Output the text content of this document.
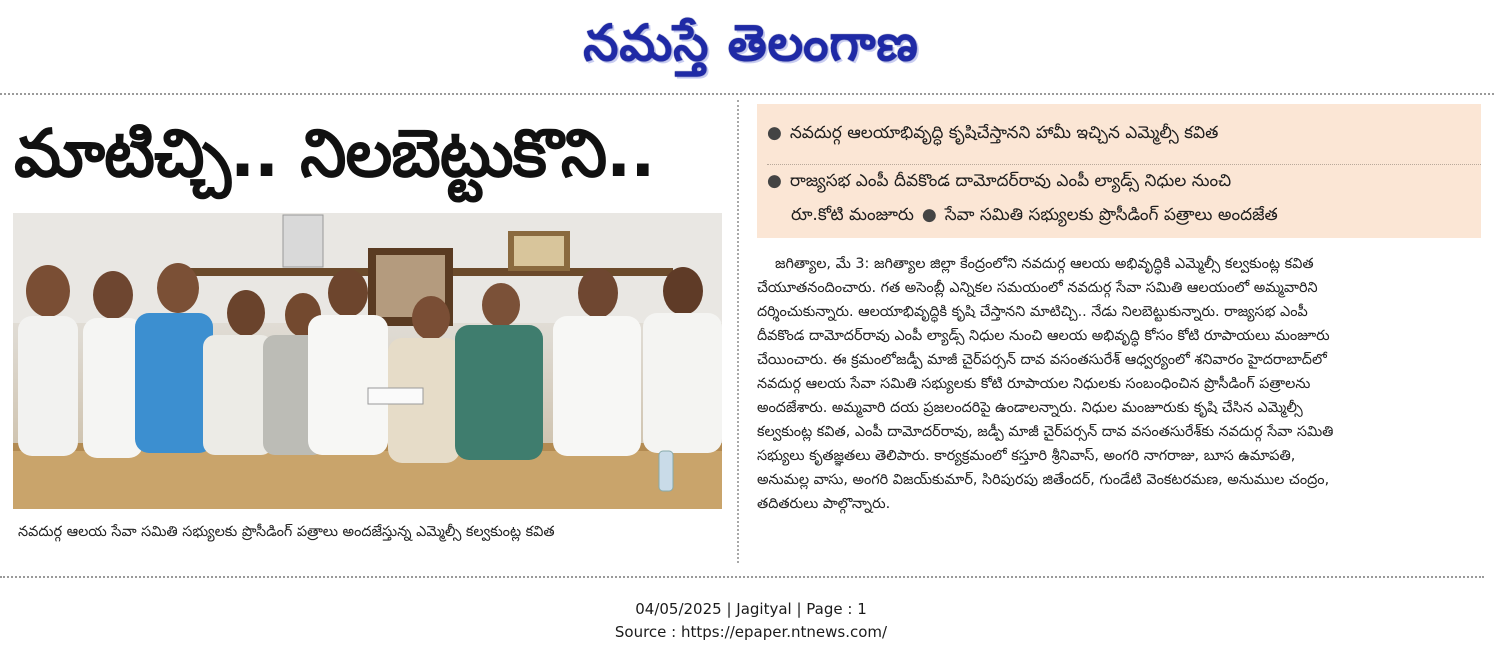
నమస్తే తెలంగాణ
మాటిచ్చి.. నిలబెట్టుకొని..
నవదుర్గ ఆలయ సేవా సమితి సభ్యులకు ప్రొసీడింగ్ పత్రాలు అందజేస్తున్న ఎమ్మెల్సీ కల్వకుంట్ల కవిత
● నవదుర్గ ఆలయాభివృద్ధి కృషిచేస్తానని హామీ ఇచ్చిన ఎమ్మెల్సీ కవిత
● రాజ్యసభ ఎంపీ దీవకొండ దామోదర్‌రావు ఎంపీ ల్యాడ్స్ నిధుల నుంచి
రూ.కోటి మంజూరు ● సేవా సమితి సభ్యులకు ప్రొసీడింగ్ పత్రాలు అందజేత
జగిత్యాల, మే 3: జగిత్యాల జిల్లా కేంద్రంలోని నవదుర్గ ఆలయ అభివృద్ధికి ఎమ్మెల్సీ కల్వకుంట్ల కవిత
చేయూతనందించారు. గత అసెంబ్లీ ఎన్నికల సమయంలో నవదుర్గ సేవా సమితి ఆలయంలో అమ్మవారిని
దర్శించుకున్నారు. ఆలయాభివృద్ధికి కృషి చేస్తానని మాటిచ్చి.. నేడు నిలబెట్టుకున్నారు. రాజ్యసభ ఎంపీ
దీవకొండ దామోదర్‌రావు ఎంపీ ల్యాడ్స్ నిధుల నుంచి ఆలయ అభివృద్ధి కోసం కోటి రూపాయలు మంజూరు
చేయించారు. ఈ క్రమంలోజడ్పీ మాజీ చైర్‌పర్సన్ దావ వసంతసురేశ్ ఆధ్వర్యంలో శనివారం హైదరాబాద్‌లో
నవదుర్గ ఆలయ సేవా సమితి సభ్యులకు కోటి రూపాయల నిధులకు సంబంధించిన ప్రొసీడింగ్ పత్రాలను
అందజేశారు. అమ్మవారి దయ ప్రజలందరిపై ఉండాలన్నారు. నిధుల మంజూరుకు కృషి చేసిన ఎమ్మెల్సీ
కల్వకుంట్ల కవిత, ఎంపీ దామోదర్‌రావు, జడ్పీ మాజీ చైర్‌పర్సన్ దావ వసంతసురేశ్‌కు నవదుర్గ సేవా సమితి
సభ్యులు కృతజ్ఞతలు తెలిపారు. కార్యక్రమంలో కస్తూరి శ్రీనివాస్, అంగరి నాగరాజు, బూస ఉమాపతి,
అనుమల్ల వాసు, అంగరి విజయ్‌కుమార్, సిరిపురపు జితేందర్, గుండేటి వెంకటరమణ, అనుముల చంద్రం,
తదితరులు పాల్గొన్నారు.
04/05/2025 | Jagityal | Page : 1
Source : https://epaper.ntnews.com/
